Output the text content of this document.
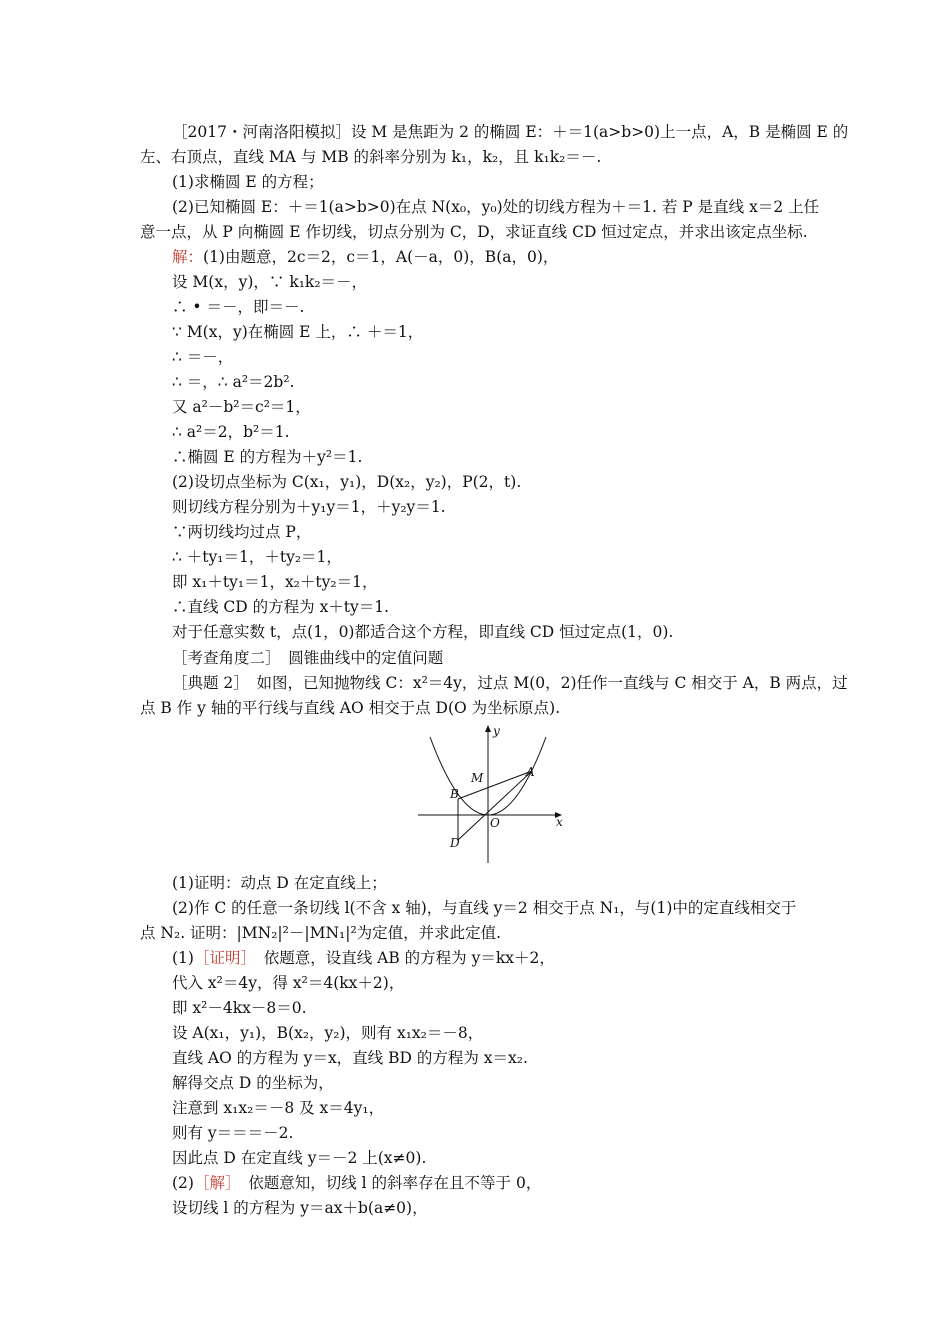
［2017・河南洛阳模拟］设 M 是焦距为 2 的椭圆 E：＋＝1(a>b>0)上一点，A，B 是椭圆 E 的
左、右顶点，直线 MA 与 MB 的斜率分别为 k₁，k₂，且 k₁k₂＝－.
(1)求椭圆 E 的方程；
(2)已知椭圆 E：＋＝1(a>b>0)在点 N(x₀，y₀)处的切线方程为＋＝1. 若 P 是直线 x＝2 上任
意一点，从 P 向椭圆 E 作切线，切点分别为 C，D，求证直线 CD 恒过定点，并求出该定点坐标.
解：(1)由题意，2c＝2，c＝1，A(－a，0)，B(a，0)，
设 M(x，y)，∵ k₁k₂＝－，
∴ • ＝－，即＝－.
∵ M(x，y)在椭圆 E 上，∴ ＋＝1，
∴ ＝－，
∴ ＝，∴ a²＝2b².
又 a²－b²＝c²＝1，
∴ a²＝2，b²＝1.
∴椭圆 E 的方程为＋y²＝1.
(2)设切点坐标为 C(x₁，y₁)，D(x₂，y₂)，P(2，t).
则切线方程分别为＋y₁y＝1，＋y₂y＝1.
∵两切线均过点 P，
∴ ＋ty₁＝1，＋ty₂＝1，
即 x₁＋ty₁＝1，x₂＋ty₂＝1，
∴直线 CD 的方程为 x＋ty＝1.
对于任意实数 t，点(1，0)都适合这个方程，即直线 CD 恒过定点(1，0).
［考查角度二］　圆锥曲线中的定值问题
［典题 2］　如图，已知抛物线 C：x²＝4y，过点 M(0，2)任作一直线与 C 相交于 A，B 两点，过
点 B 作 y 轴的平行线与直线 AO 相交于点 D(O 为坐标原点).
y
x
M	A
B
O
D
(1)证明：动点 D 在定直线上；
(2)作 C 的任意一条切线 l(不含 x 轴)，与直线 y＝2 相交于点 N₁，与(1)中的定直线相交于
点 N₂. 证明：|MN₂|²－|MN₁|²为定值，并求此定值.
(1)［证明］　依题意，设直线 AB 的方程为 y＝kx＋2，
代入 x²＝4y，得 x²＝4(kx＋2)，
即 x²－4kx－8＝0.
设 A(x₁，y₁)，B(x₂，y₂)，则有 x₁x₂＝－8，
直线 AO 的方程为 y＝x，直线 BD 的方程为 x＝x₂.
解得交点 D 的坐标为，
注意到 x₁x₂＝－8 及 x＝4y₁，
则有 y＝＝＝－2.
因此点 D 在定直线 y＝－2 上(x≠0).
(2)［解］　依题意知，切线 l 的斜率存在且不等于 0，
设切线 l 的方程为 y＝ax＋b(a≠0)，
